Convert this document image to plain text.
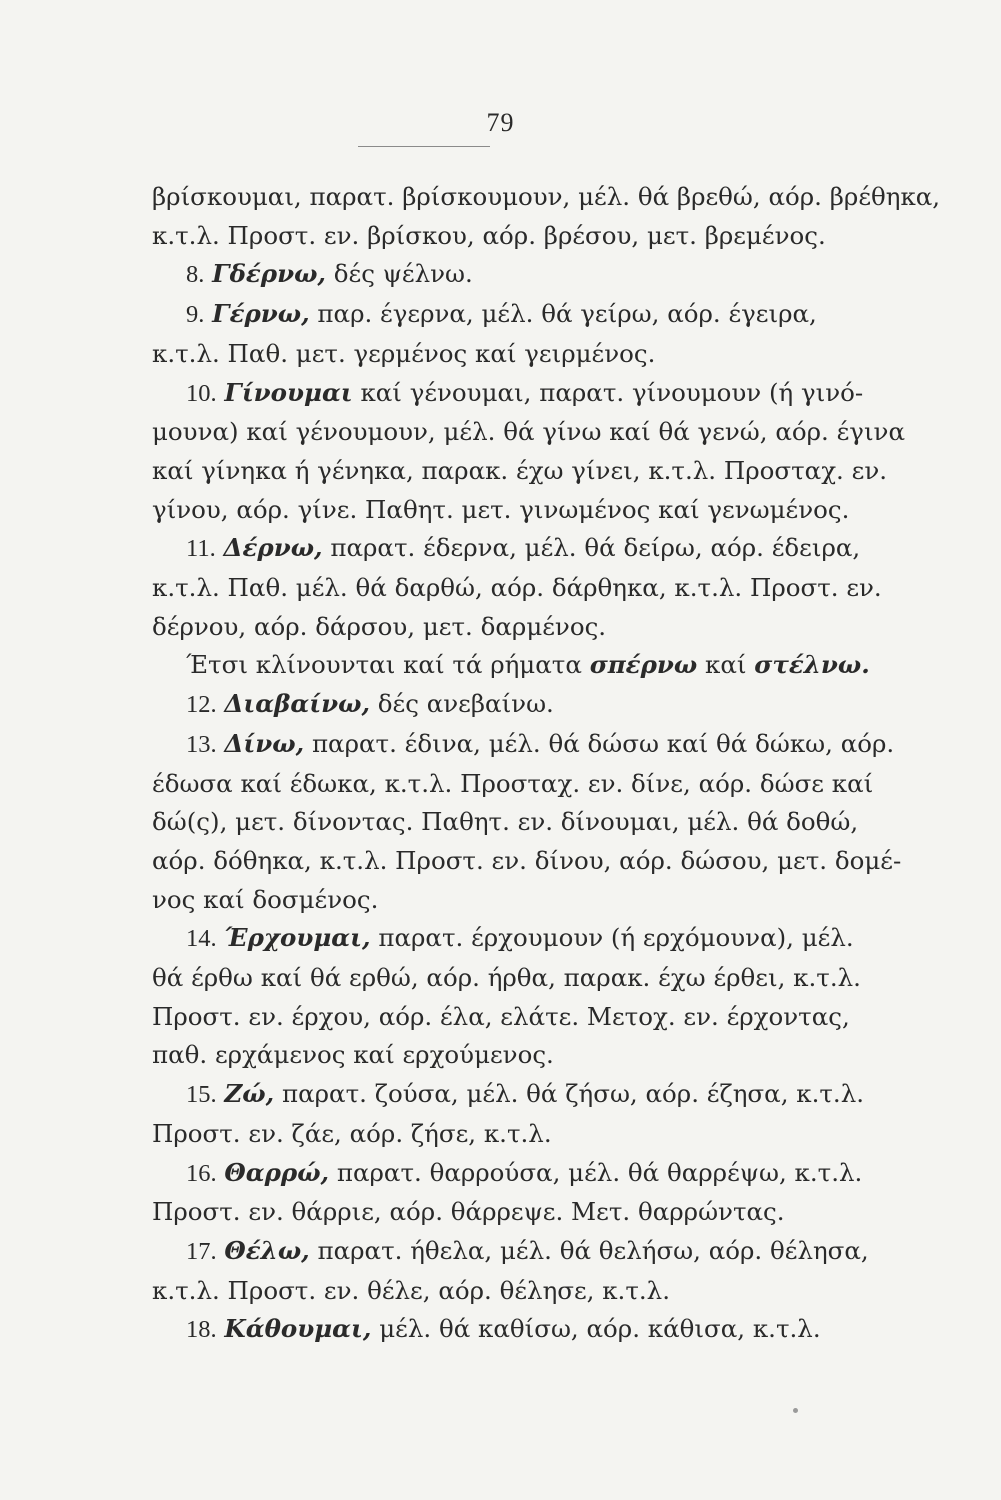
79
βρίσκουμαι, παρατ. βρίσκουμουν, μέλ. θά βρεθώ, αόρ. βρέθηκα,
κ.τ.λ. Προστ. εν. βρίσκου, αόρ. βρέσου, μετ. βρεμένος.
8. Γδέρνω, δές ψέλνω.
9. Γέρνω, παρ. έγερνα, μέλ. θά γείρω, αόρ. έγειρα,
κ.τ.λ. Παθ. μετ. γερμένος καί γειρμένος.
10. Γίνουμαι καί γένουμαι, παρατ. γίνουμουν (ή γινό-
μουνα) καί γένουμουν, μέλ. θά γίνω καί θά γενώ, αόρ. έγινα
καί γίνηκα ή γένηκα, παρακ. έχω γίνει, κ.τ.λ. Προσταχ. εν.
γίνου, αόρ. γίνε. Παθητ. μετ. γινωμένος καί γενωμένος.
11. Δέρνω, παρατ. έδερνα, μέλ. θά δείρω, αόρ. έδειρα,
κ.τ.λ. Παθ. μέλ. θά δαρθώ, αόρ. δάρθηκα, κ.τ.λ. Προστ. εν.
δέρνου, αόρ. δάρσου, μετ. δαρμένος.
Έτσι κλίνουνται καί τά ρήματα σπέρνω καί στέλνω.
12. Διαβαίνω, δές ανεβαίνω.
13. Δίνω, παρατ. έδινα, μέλ. θά δώσω καί θά δώκω, αόρ.
έδωσα καί έδωκα, κ.τ.λ. Προσταχ. εν. δίνε, αόρ. δώσε καί
δώ(ς), μετ. δίνοντας. Παθητ. εν. δίνουμαι, μέλ. θά δοθώ,
αόρ. δόθηκα, κ.τ.λ. Προστ. εν. δίνου, αόρ. δώσου, μετ. δομέ-
νος καί δοσμένος.
14. Έρχουμαι, παρατ. έρχουμουν (ή ερχόμουνα), μέλ.
θά έρθω καί θά ερθώ, αόρ. ήρθα, παρακ. έχω έρθει, κ.τ.λ.
Προστ. εν. έρχου, αόρ. έλα, ελάτε. Μετοχ. εν. έρχοντας,
παθ. ερχάμενος καί ερχούμενος.
15. Ζώ, παρατ. ζούσα, μέλ. θά ζήσω, αόρ. έζησα, κ.τ.λ.
Προστ. εν. ζάε, αόρ. ζήσε, κ.τ.λ.
16. Θαρρώ, παρατ. θαρρούσα, μέλ. θά θαρρέψω, κ.τ.λ.
Προστ. εν. θάρριε, αόρ. θάρρεψε. Μετ. θαρρώντας.
17. Θέλω, παρατ. ήθελα, μέλ. θά θελήσω, αόρ. θέλησα,
κ.τ.λ. Προστ. εν. θέλε, αόρ. θέλησε, κ.τ.λ.
18. Κάθουμαι, μέλ. θά καθίσω, αόρ. κάθισα, κ.τ.λ.
